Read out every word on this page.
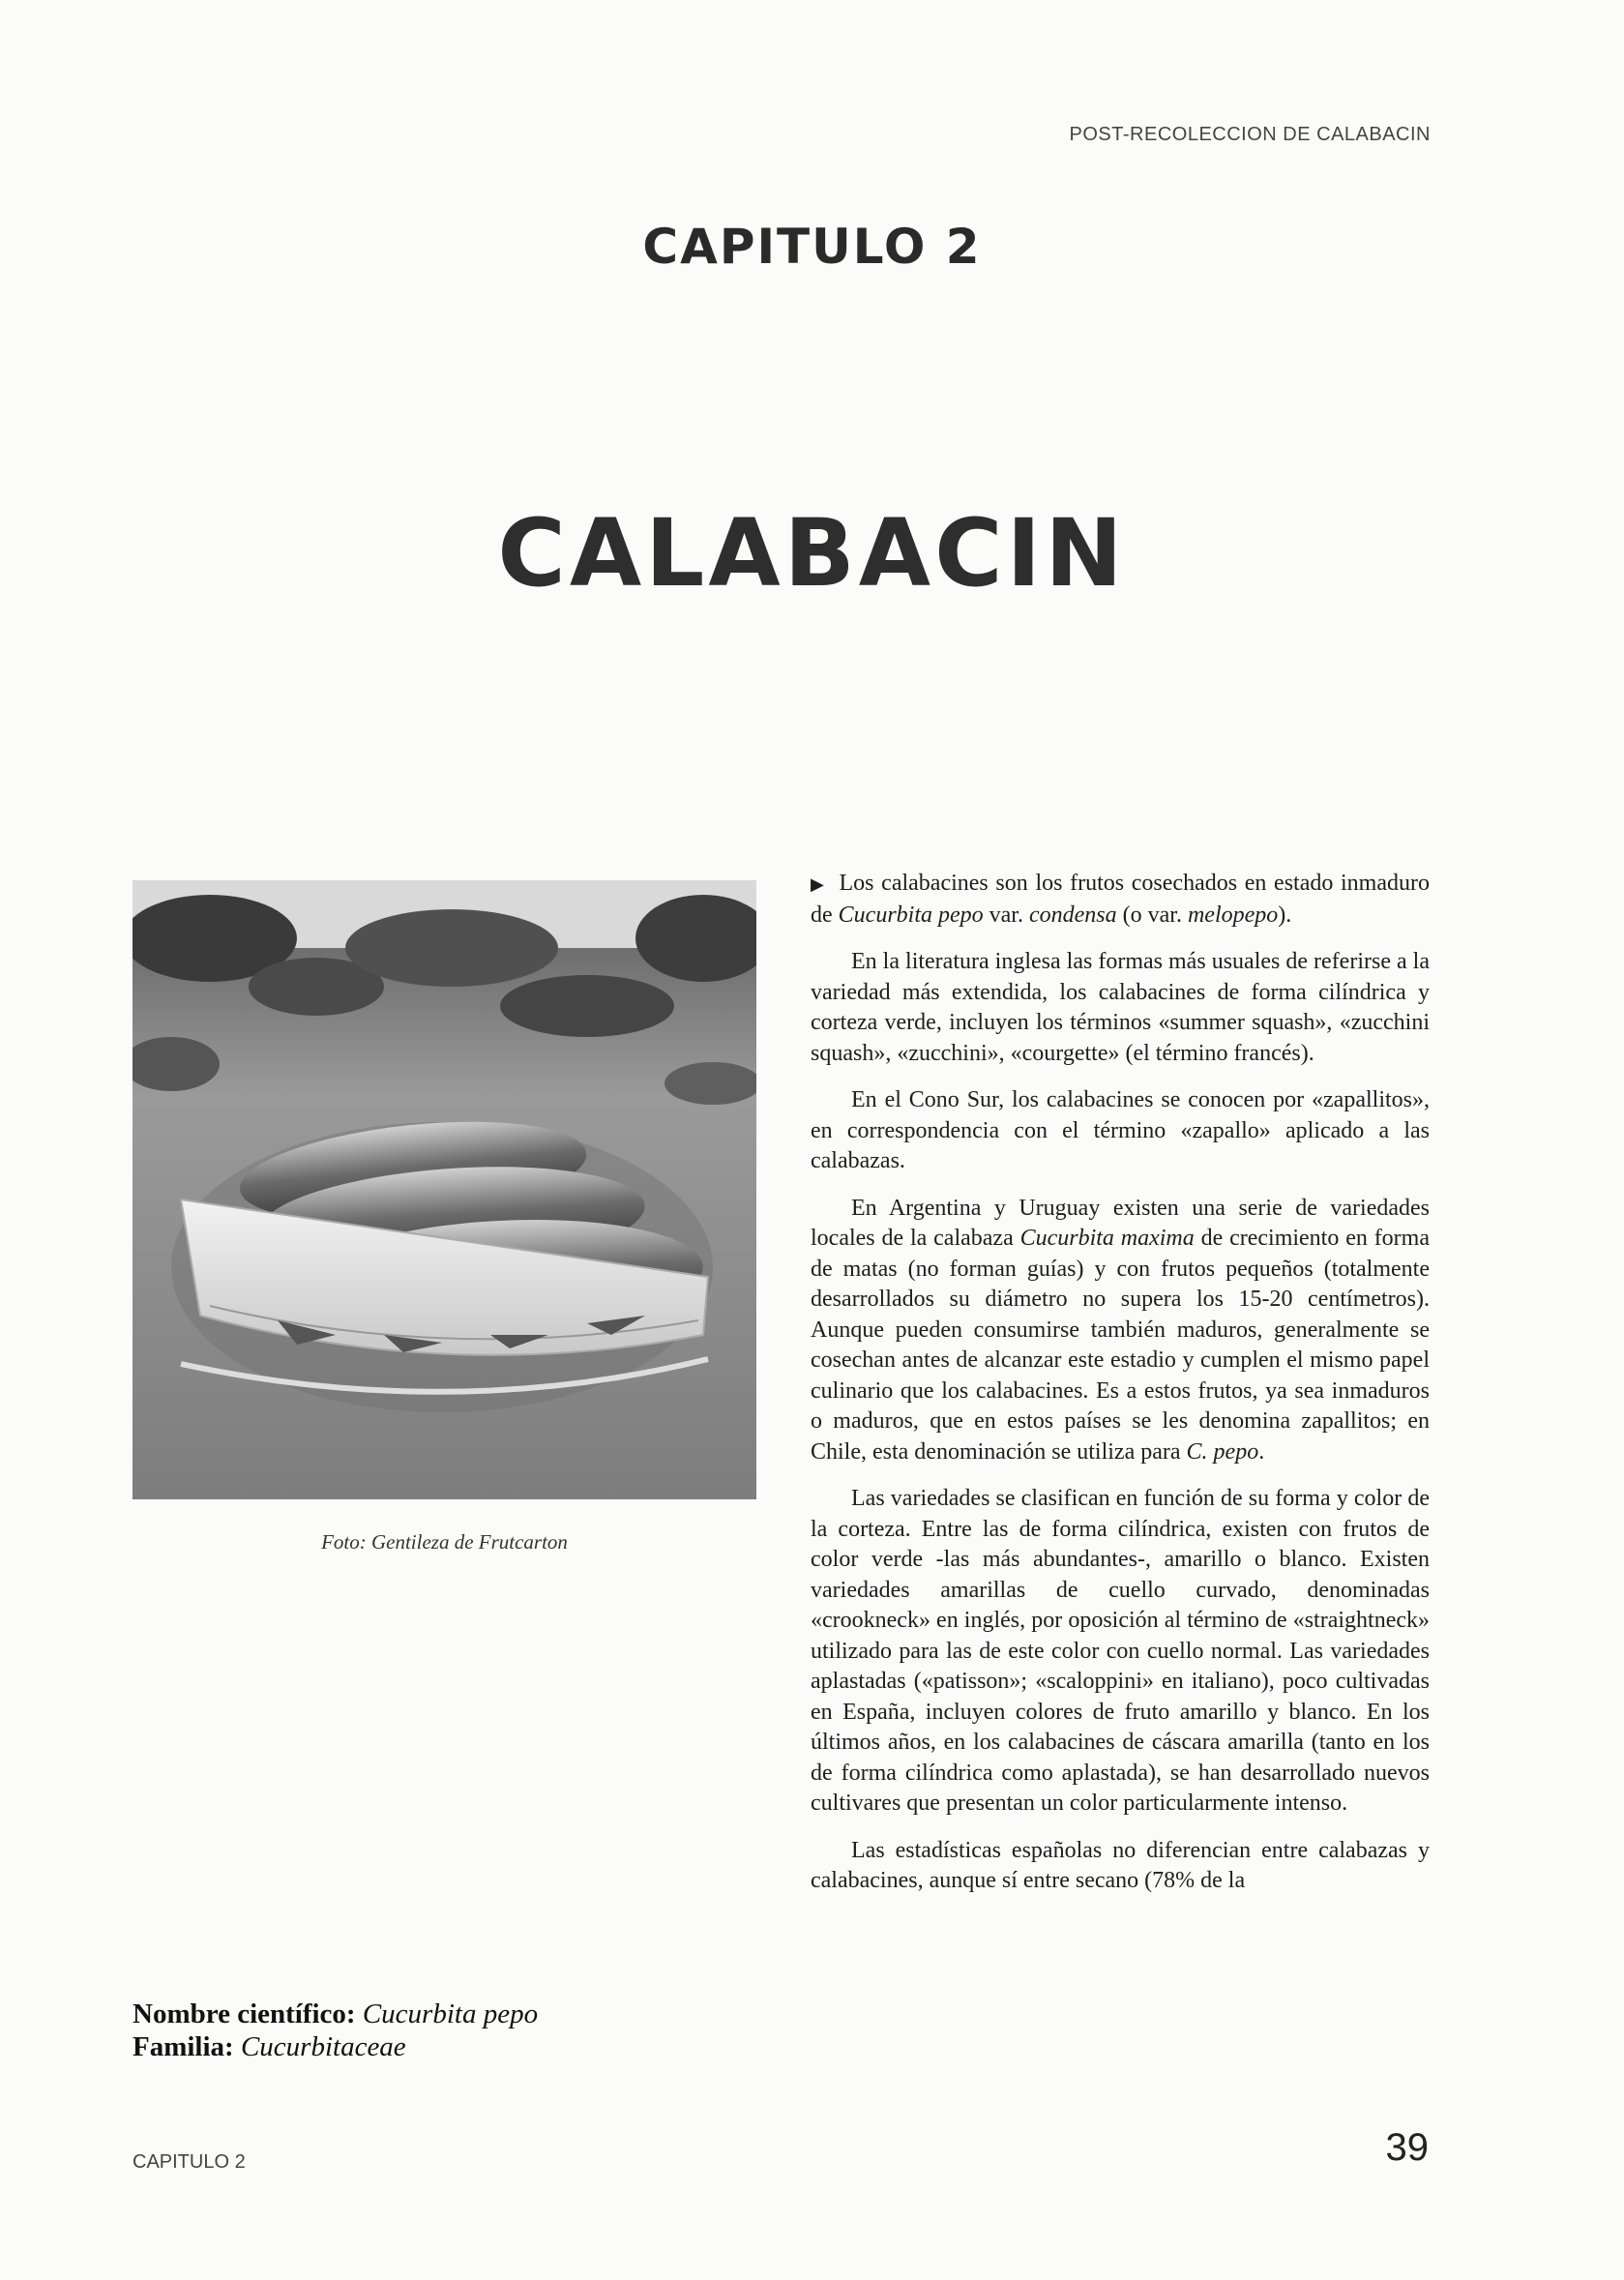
POST-RECOLECCION DE CALABACIN
CAPITULO 2
CALABACIN
Foto: Gentileza de Frutcarton
Nombre científico: Cucurbita pepo
Familia: Cucurbitaceae

▶ Los calabacines son los frutos cosechados en estado inmaduro de Cucurbita pepo var. condensa (o var. melopepo).

En la literatura inglesa las formas más usuales de referirse a la variedad más extendida, los calabacines de forma cilíndrica y corteza verde, incluyen los términos «summer squash», «zucchini squash», «zucchini», «courgette» (el término francés).

En el Cono Sur, los calabacines se conocen por «zapallitos», en correspondencia con el término «zapallo» aplicado a las calabazas.

En Argentina y Uruguay existen una serie de variedades locales de la calabaza Cucurbita maxima de crecimiento en forma de matas (no forman guías) y con frutos pequeños (totalmente desarrollados su diámetro no supera los 15-20 centímetros). Aunque pueden consumirse también maduros, generalmente se cosechan antes de alcanzar este estadio y cumplen el mismo papel culinario que los calabacines. Es a estos frutos, ya sea inmaduros o maduros, que en estos países se les denomina zapallitos; en Chile, esta denominación se utiliza para C. pepo.

Las variedades se clasifican en función de su forma y color de la corteza. Entre las de forma cilíndrica, existen con frutos de color verde -las más abundantes-, amarillo o blanco. Existen variedades amarillas de cuello curvado, denominadas «crookneck» en inglés, por oposición al término de «straightneck» utilizado para las de este color con cuello normal. Las variedades aplastadas («patisson»; «scaloppini» en italiano), poco cultivadas en España, incluyen colores de fruto amarillo y blanco. En los últimos años, en los calabacines de cáscara amarilla (tanto en los de forma cilíndrica como aplastada), se han desarrollado nuevos cultivares que presentan un color particularmente intenso.

Las estadísticas españolas no diferencian entre calabazas y calabacines, aunque sí entre secano (78% de la

CAPITULO 2	39
